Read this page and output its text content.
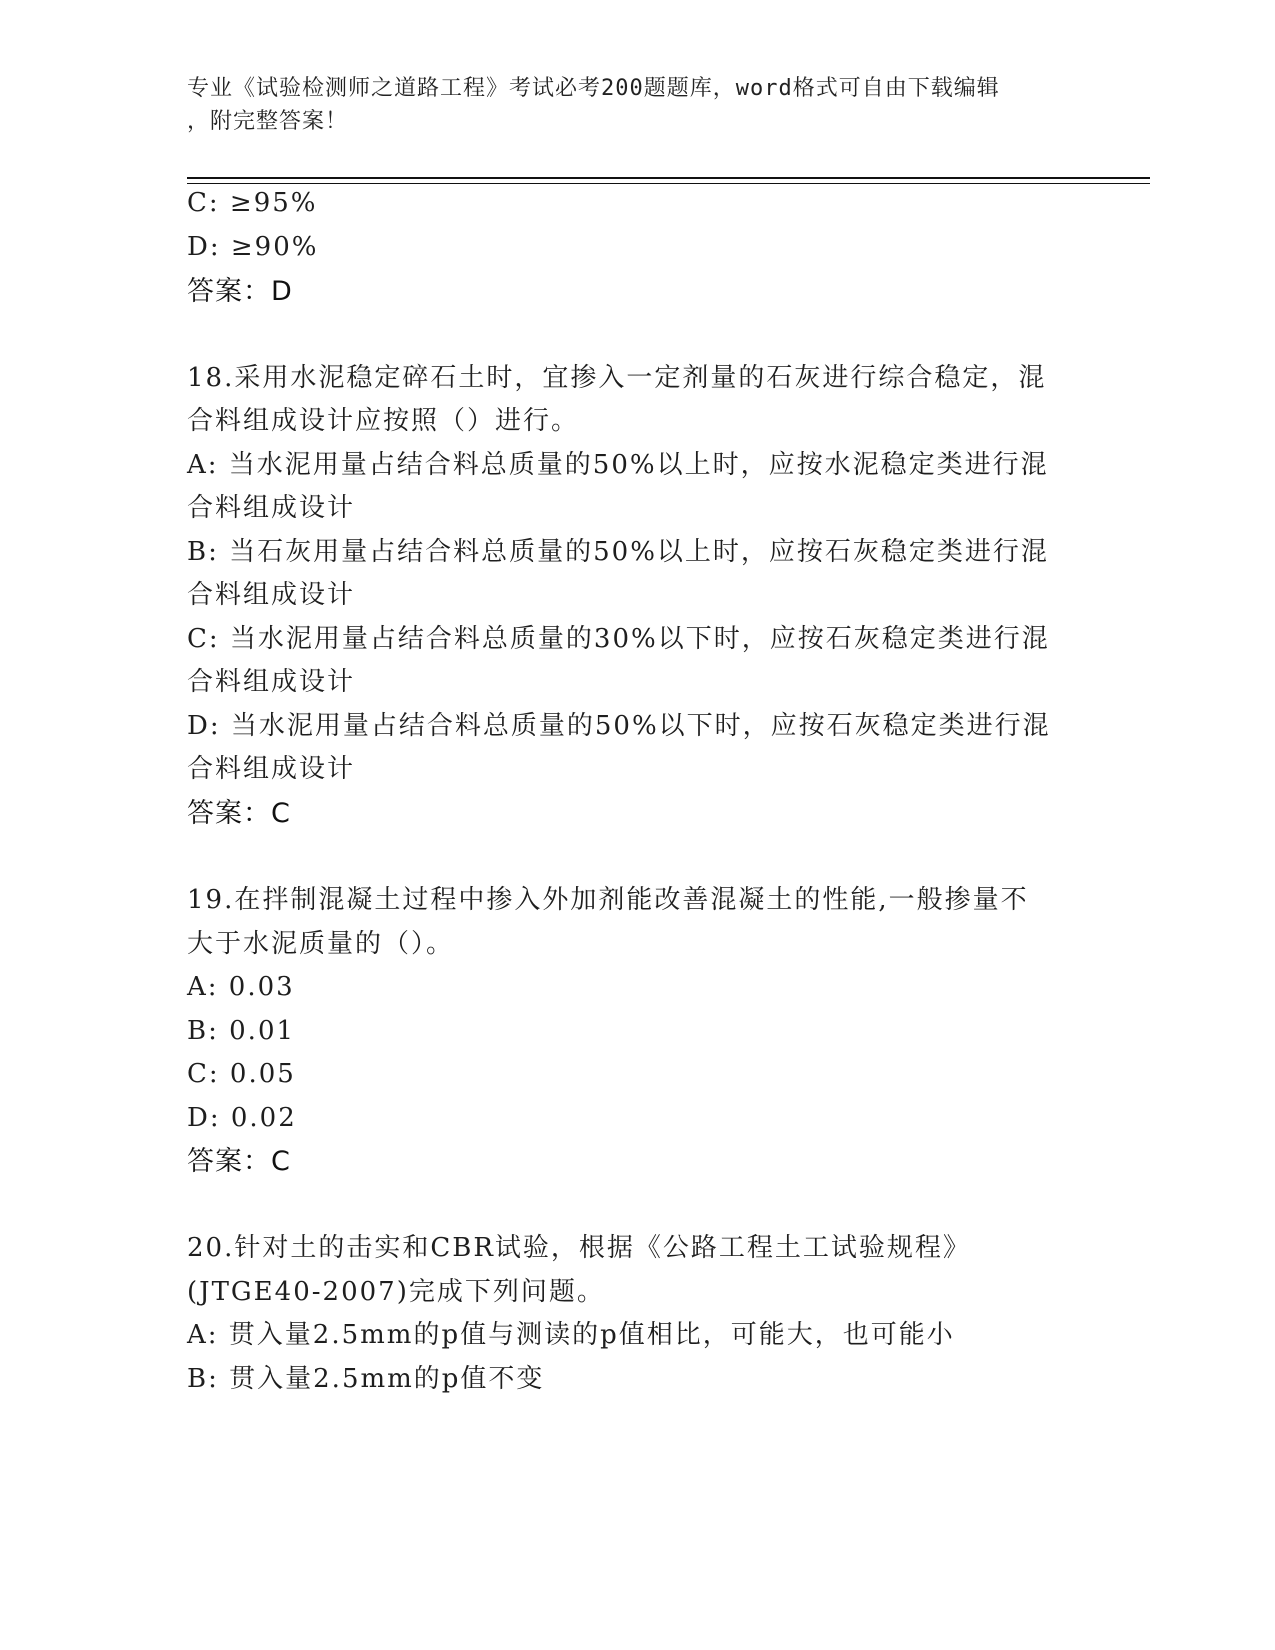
专业《试验检测师之道路工程》考试必考200题题库，word格式可自由下载编辑
，附完整答案！
C: ≥95%
D: ≥90%
答案：D
18.采用水泥稳定碎石土时，宜掺入一定剂量的石灰进行综合稳定，混
合料组成设计应按照（）进行。
A: 当水泥用量占结合料总质量的50%以上时，应按水泥稳定类进行混
合料组成设计
B: 当石灰用量占结合料总质量的50%以上时，应按石灰稳定类进行混
合料组成设计
C: 当水泥用量占结合料总质量的30%以下时，应按石灰稳定类进行混
合料组成设计
D: 当水泥用量占结合料总质量的50%以下时，应按石灰稳定类进行混
合料组成设计
答案：C
19.在拌制混凝土过程中掺入外加剂能改善混凝土的性能,一般掺量不
大于水泥质量的（）。
A: 0.03
B: 0.01
C: 0.05
D: 0.02
答案：C
20.针对土的击实和CBR试验，根据《公路工程土工试验规程》
(JTGE40-2007)完成下列问题。
A: 贯入量2.5mm的p值与测读的p值相比，可能大，也可能小
B: 贯入量2.5mm的p值不变
